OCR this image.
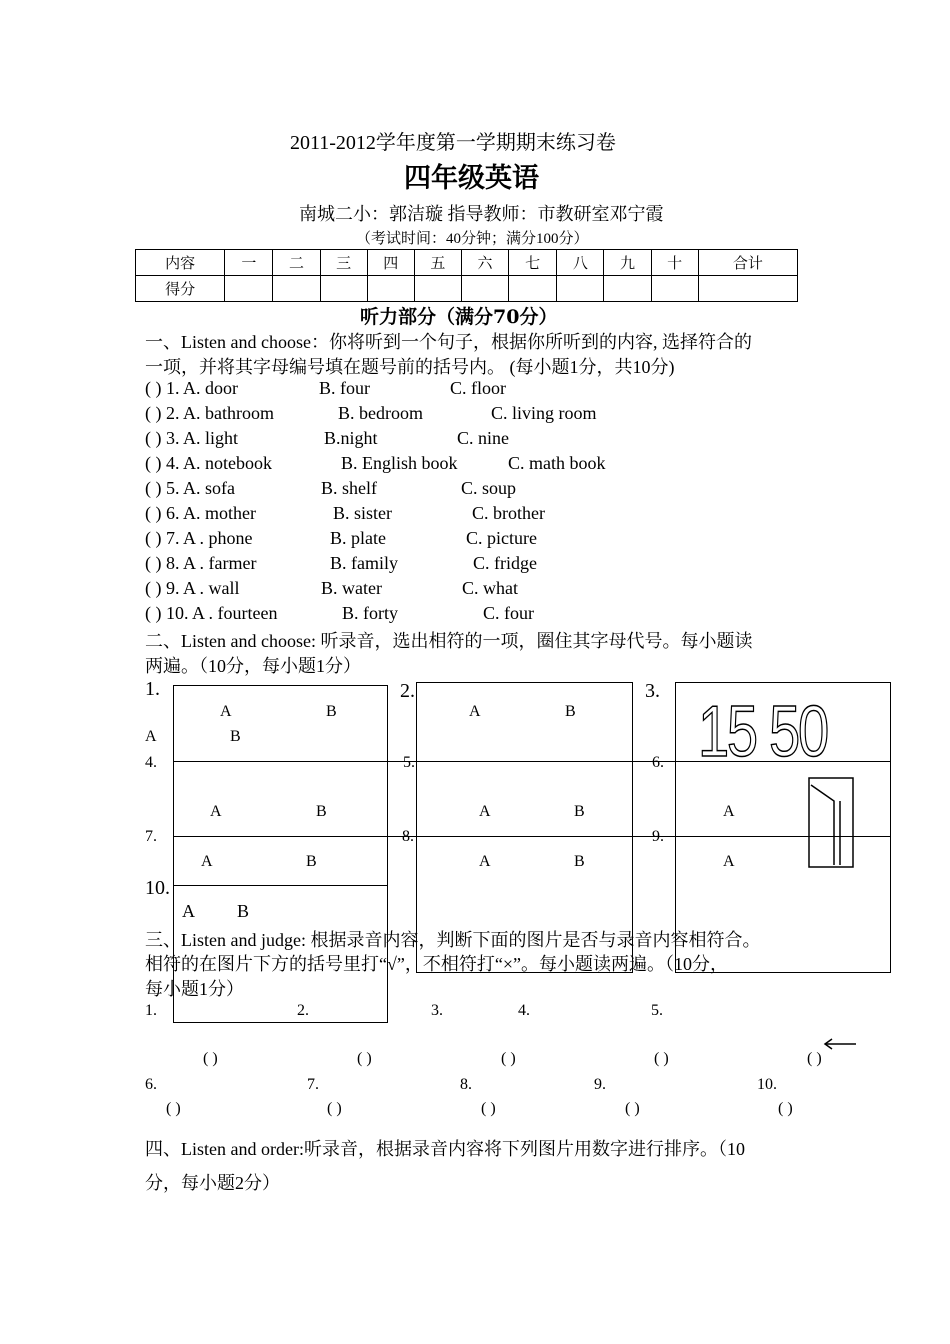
2011-2012学年度第一学期期末练习卷
四年级英语
南城二小：郭洁璇 指导教师：市教研室邓宁霞
（考试时间：40分钟；满分100分）
内容	一	二	三	四	五	六	七	八	九	十	合计
得分											
听力部分（满分70分）
一、Listen and choose：你将听到一个句子，根据你所听到的内容, 选择符合的
一项，并将其字母编号填在题号前的括号内。 (每小题1分，共10分)
( ) 1. A. door	B. four	C. floor
( ) 2. A. bathroom	B. bedroom	C. living room
( ) 3. A. light	B.night	C. nine
( ) 4. A. notebook	B. English book	C. math book
( ) 5. A. sofa	B. shelf	C. soup
( ) 6. A. mother	B. sister	C. brother
( ) 7. A . phone	B. plate	C. picture
( ) 8. A . farmer	B. family	C. fridge
( ) 9. A . wall	B. water	C. what
( ) 10. A . fourteen	B. forty	C. four
二、Listen and choose: 听录音，选出相符的一项，圈住其字母代号。每小题读
两遍。（10分，每小题1分）
1.	2.	3.
4.	5.	6.
7.	8.	9.
10.
A	B	A	B
A	B
A	B	A	B	A
A	B	A	B	A
A B
15 50
三、Listen and judge: 根据录音内容，判断下面的图片是否与录音内容相符合。
相符的在图片下方的括号里打“√”，不相符打“×”。每小题读两遍。（10分，
每小题1分）
1.	2.	3.	4.	5.
( )	( )	( )	( )	( )
6.	7.	8.	9.	10.
( )	( )	( )	( )	( )
四、Listen and order:听录音，根据录音内容将下列图片用数字进行排序。（10
分，每小题2分）
